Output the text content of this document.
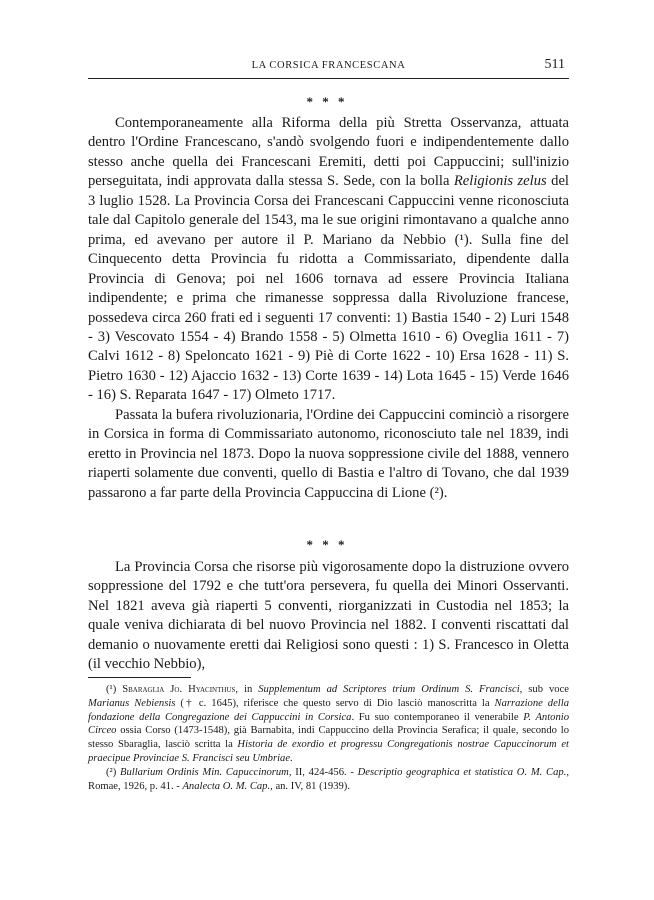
LA CORSICA FRANCESCANA	511
* * *

Contemporaneamente alla Riforma della più Stretta Osservanza, attuata dentro l'Ordine Francescano, s'andò svolgendo fuori e indipendentemente dallo stesso anche quella dei Francescani Eremiti, detti poi Cappuccini; sull'inizio perseguitata, indi approvata dalla stessa S. Sede, con la bolla Religionis zelus del 3 luglio 1528. La Provincia Corsa dei Francescani Cappuccini venne riconosciuta tale dal Capitolo generale del 1543, ma le sue origini rimontavano a qualche anno prima, ed avevano per autore il P. Mariano da Nebbio (¹). Sulla fine del Cinquecento detta Provincia fu ridotta a Commissariato, dipendente dalla Provincia di Genova; poi nel 1606 tornava ad essere Provincia Italiana indipendente; e prima che rimanesse soppressa dalla Rivoluzione francese, possedeva circa 260 frati ed i seguenti 17 conventi: 1) Bastia 1540 - 2) Luri 1548 - 3) Vescovato 1554 - 4) Brando 1558 - 5) Olmetta 1610 - 6) Oveglia 1611 - 7) Calvi 1612 - 8) Speloncato 1621 - 9) Piè di Corte 1622 - 10) Ersa 1628 - 11) S. Pietro 1630 - 12) Ajaccio 1632 - 13) Corte 1639 - 14) Lota 1645 - 15) Verde 1646 - 16) S. Reparata 1647 - 17) Olmeto 1717.

Passata la bufera rivoluzionaria, l'Ordine dei Cappuccini cominciò a risorgere in Corsica in forma di Commissariato autonomo, riconosciuto tale nel 1839, indi eretto in Provincia nel 1873. Dopo la nuova soppressione civile del 1888, vennero riaperti solamente due conventi, quello di Bastia e l'altro di Tovano, che dal 1939 passarono a far parte della Provincia Cappuccina di Lione (²).

* * *

La Provincia Corsa che risorse più vigorosamente dopo la distruzione ovvero soppressione del 1792 e che tutt'ora persevera, fu quella dei Minori Osservanti. Nel 1821 aveva già riaperti 5 conventi, riorganizzati in Custodia nel 1853; la quale veniva dichiarata di bel nuovo Provincia nel 1882. I conventi riscattati dal demanio o nuovamente eretti dai Religiosi sono questi : 1) S. Francesco in Oletta (il vecchio Nebbio),

(¹) Sbaraglia Jo. Hyacinthus, in Supplementum ad Scriptores trium Ordinum S. Francisci, sub voce Marianus Nebiensis († c. 1645), riferisce che questo servo di Dio lasciò manoscritta la Narrazione della fondazione della Congregazione dei Cappuccini in Corsica. Fu suo contemporaneo il venerabile P. Antonio Circeo ossia Corso (1473-1548), già Barnabita, indi Cappuccino della Provincia Serafica; il quale, secondo lo stesso Sbaraglia, lasciò scritta la Historia de exordio et progressu Congregationis nostrae Capuccinorum et praecipue Provinciae S. Francisci seu Umbriae.

(²) Bullarium Ordinis Min. Capuccinorum, II, 424-456. - Descriptio geographica et statistica O. M. Cap., Romae, 1926, p. 41. - Analecta O. M. Cap., an. IV, 81 (1939).
